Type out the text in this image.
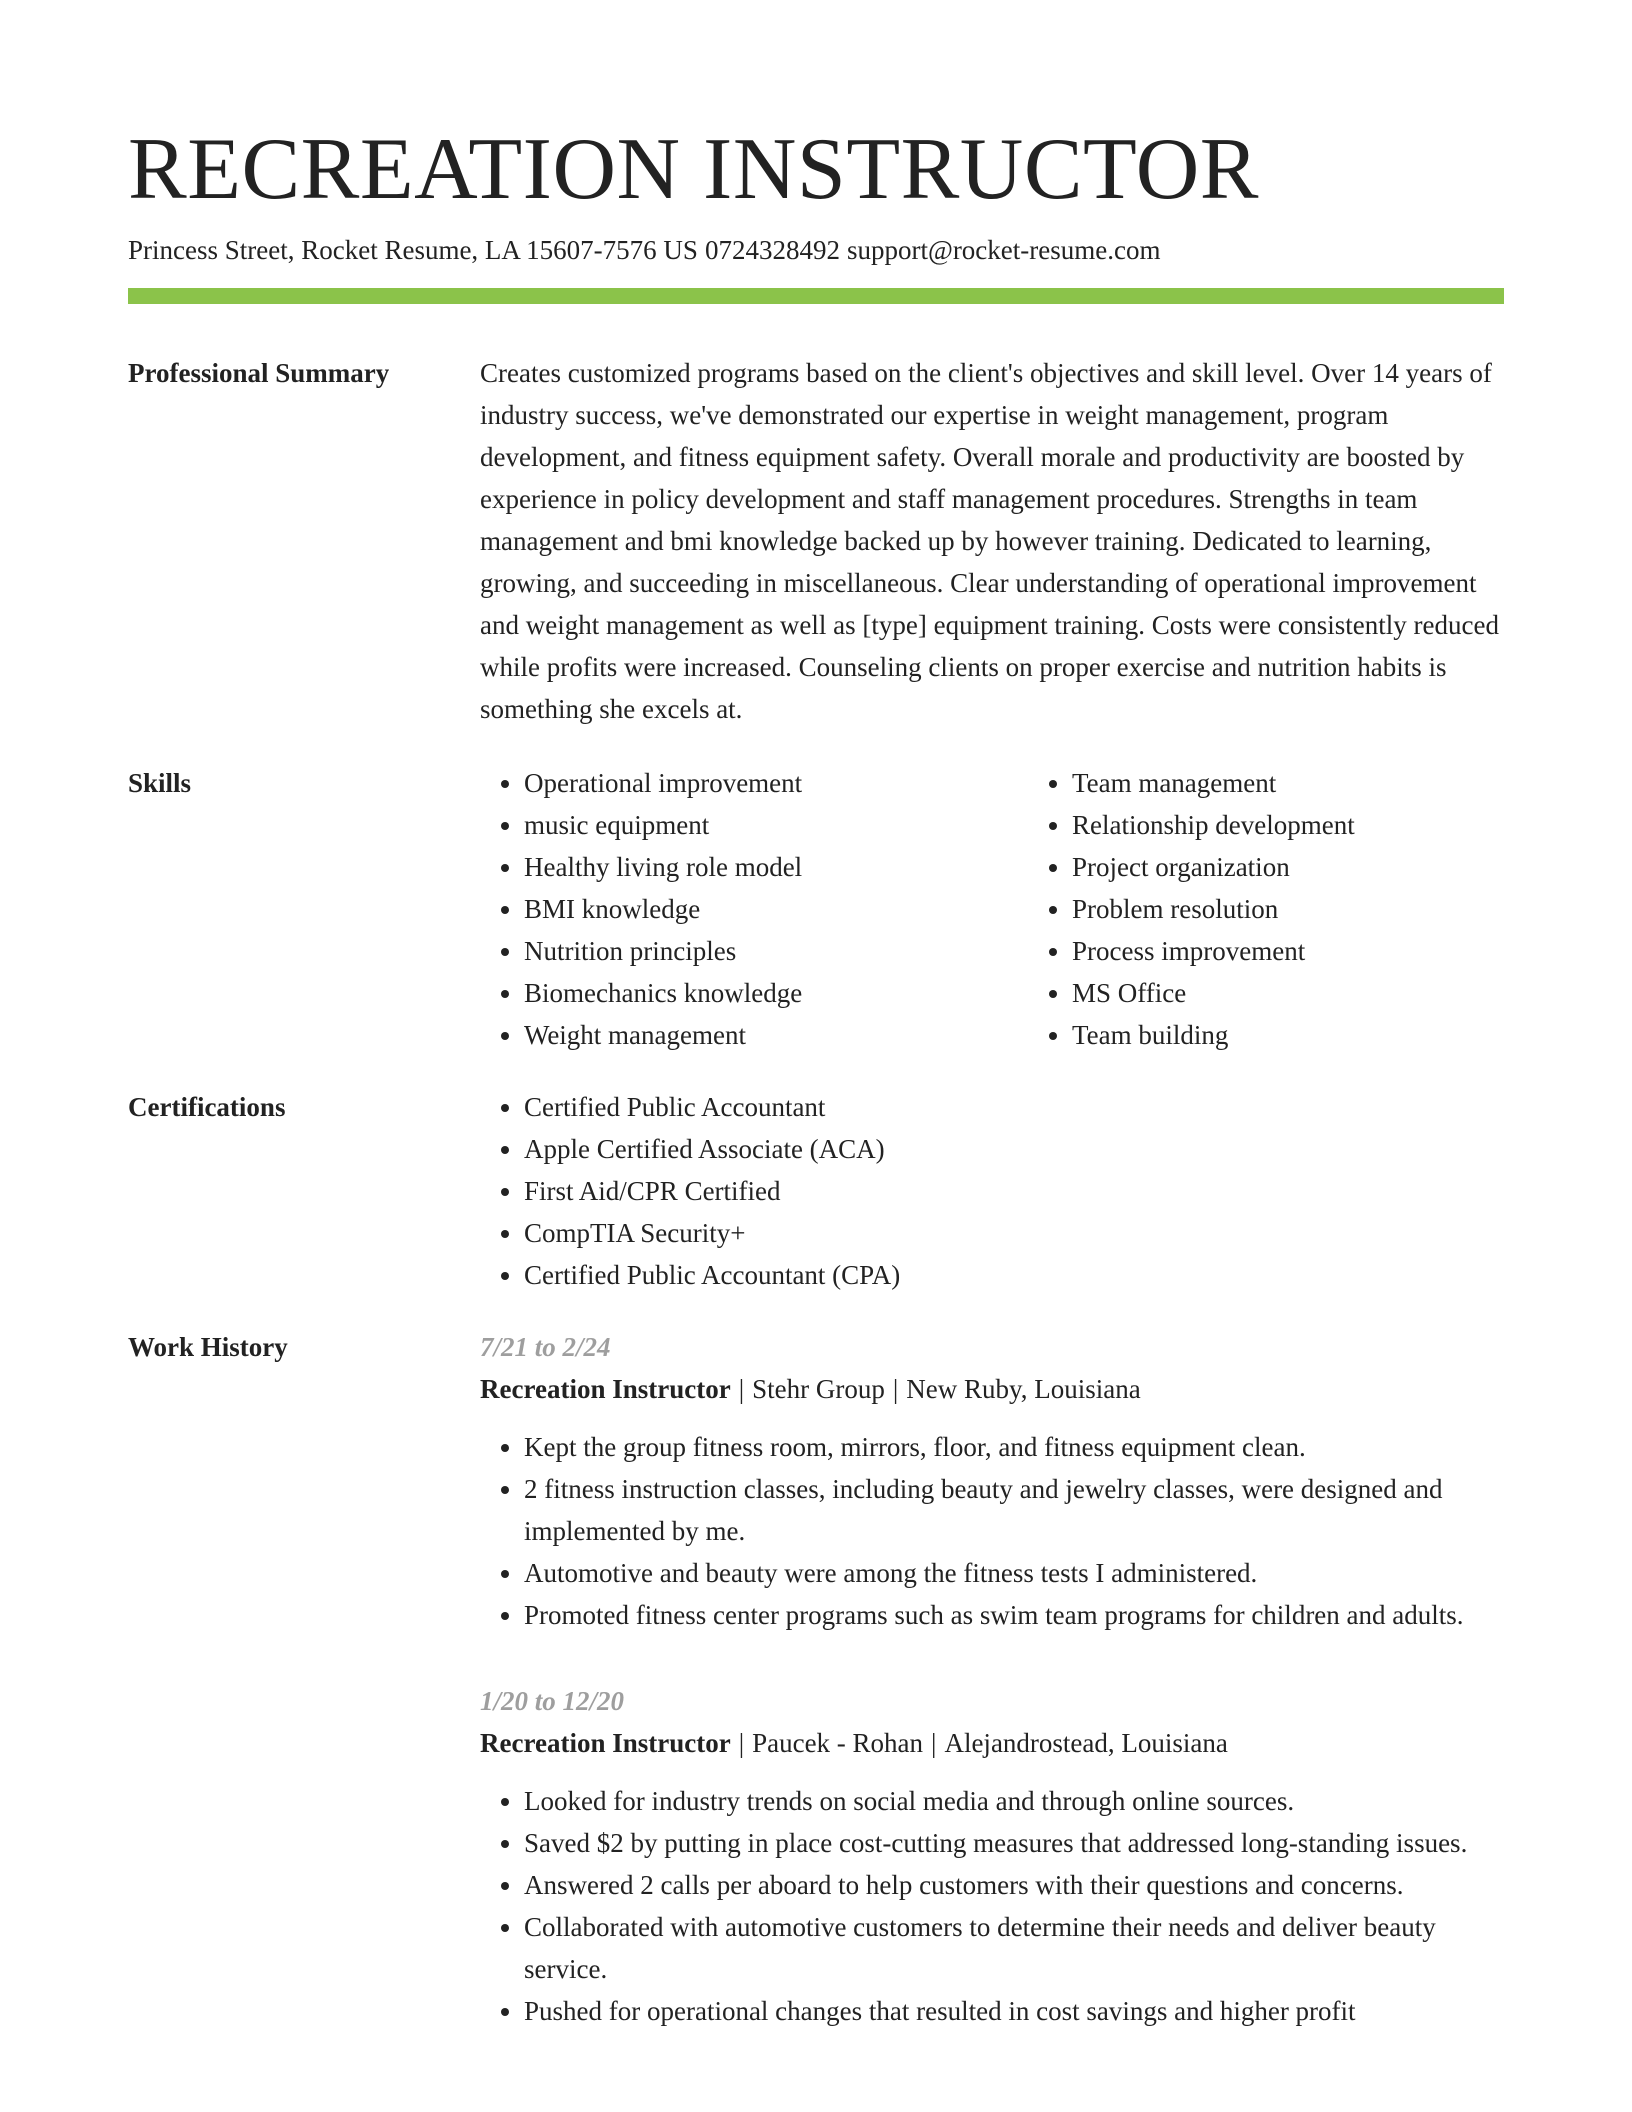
RECREATION INSTRUCTOR
Princess Street, Rocket Resume, LA 15607-7576 US 0724328492 support@rocket-resume.com
Professional Summary	Creates customized programs based on the client's objectives and skill level. Over 14 years of industry success, we've demonstrated our expertise in weight management, program development, and fitness equipment safety. Overall morale and productivity are boosted by experience in policy development and staff management procedures. Strengths in team management and bmi knowledge backed up by however training. Dedicated to learning, growing, and succeeding in miscellaneous. Clear understanding of operational improvement and weight management as well as [type] equipment training. Costs were consistently reduced while profits were increased. Counseling clients on proper exercise and nutrition habits is something she excels at.

Skills	• Operational improvement
• music equipment
• Healthy living role model
• BMI knowledge
• Nutrition principles
• Biomechanics knowledge
• Weight management
• Team management
• Relationship development
• Project organization
• Problem resolution
• Process improvement
• MS Office
• Team building
Certifications	• Certified Public Accountant
• Apple Certified Associate (ACA)
• First Aid/CPR Certified
• CompTIA Security+
• Certified Public Accountant (CPA)
Work History	7/21 to 2/24
Recreation Instructor | Stehr Group | New Ruby, Louisiana
• Kept the group fitness room, mirrors, floor, and fitness equipment clean.
• 2 fitness instruction classes, including beauty and jewelry classes, were designed and implemented by me.
• Automotive and beauty were among the fitness tests I administered.
• Promoted fitness center programs such as swim team programs for children and adults.
1/20 to 12/20
Recreation Instructor | Paucek - Rohan | Alejandrostead, Louisiana
• Looked for industry trends on social media and through online sources.
• Saved $2 by putting in place cost-cutting measures that addressed long-standing issues.
• Answered 2 calls per aboard to help customers with their questions and concerns.
• Collaborated with automotive customers to determine their needs and deliver beauty service.
• Pushed for operational changes that resulted in cost savings and higher profit
